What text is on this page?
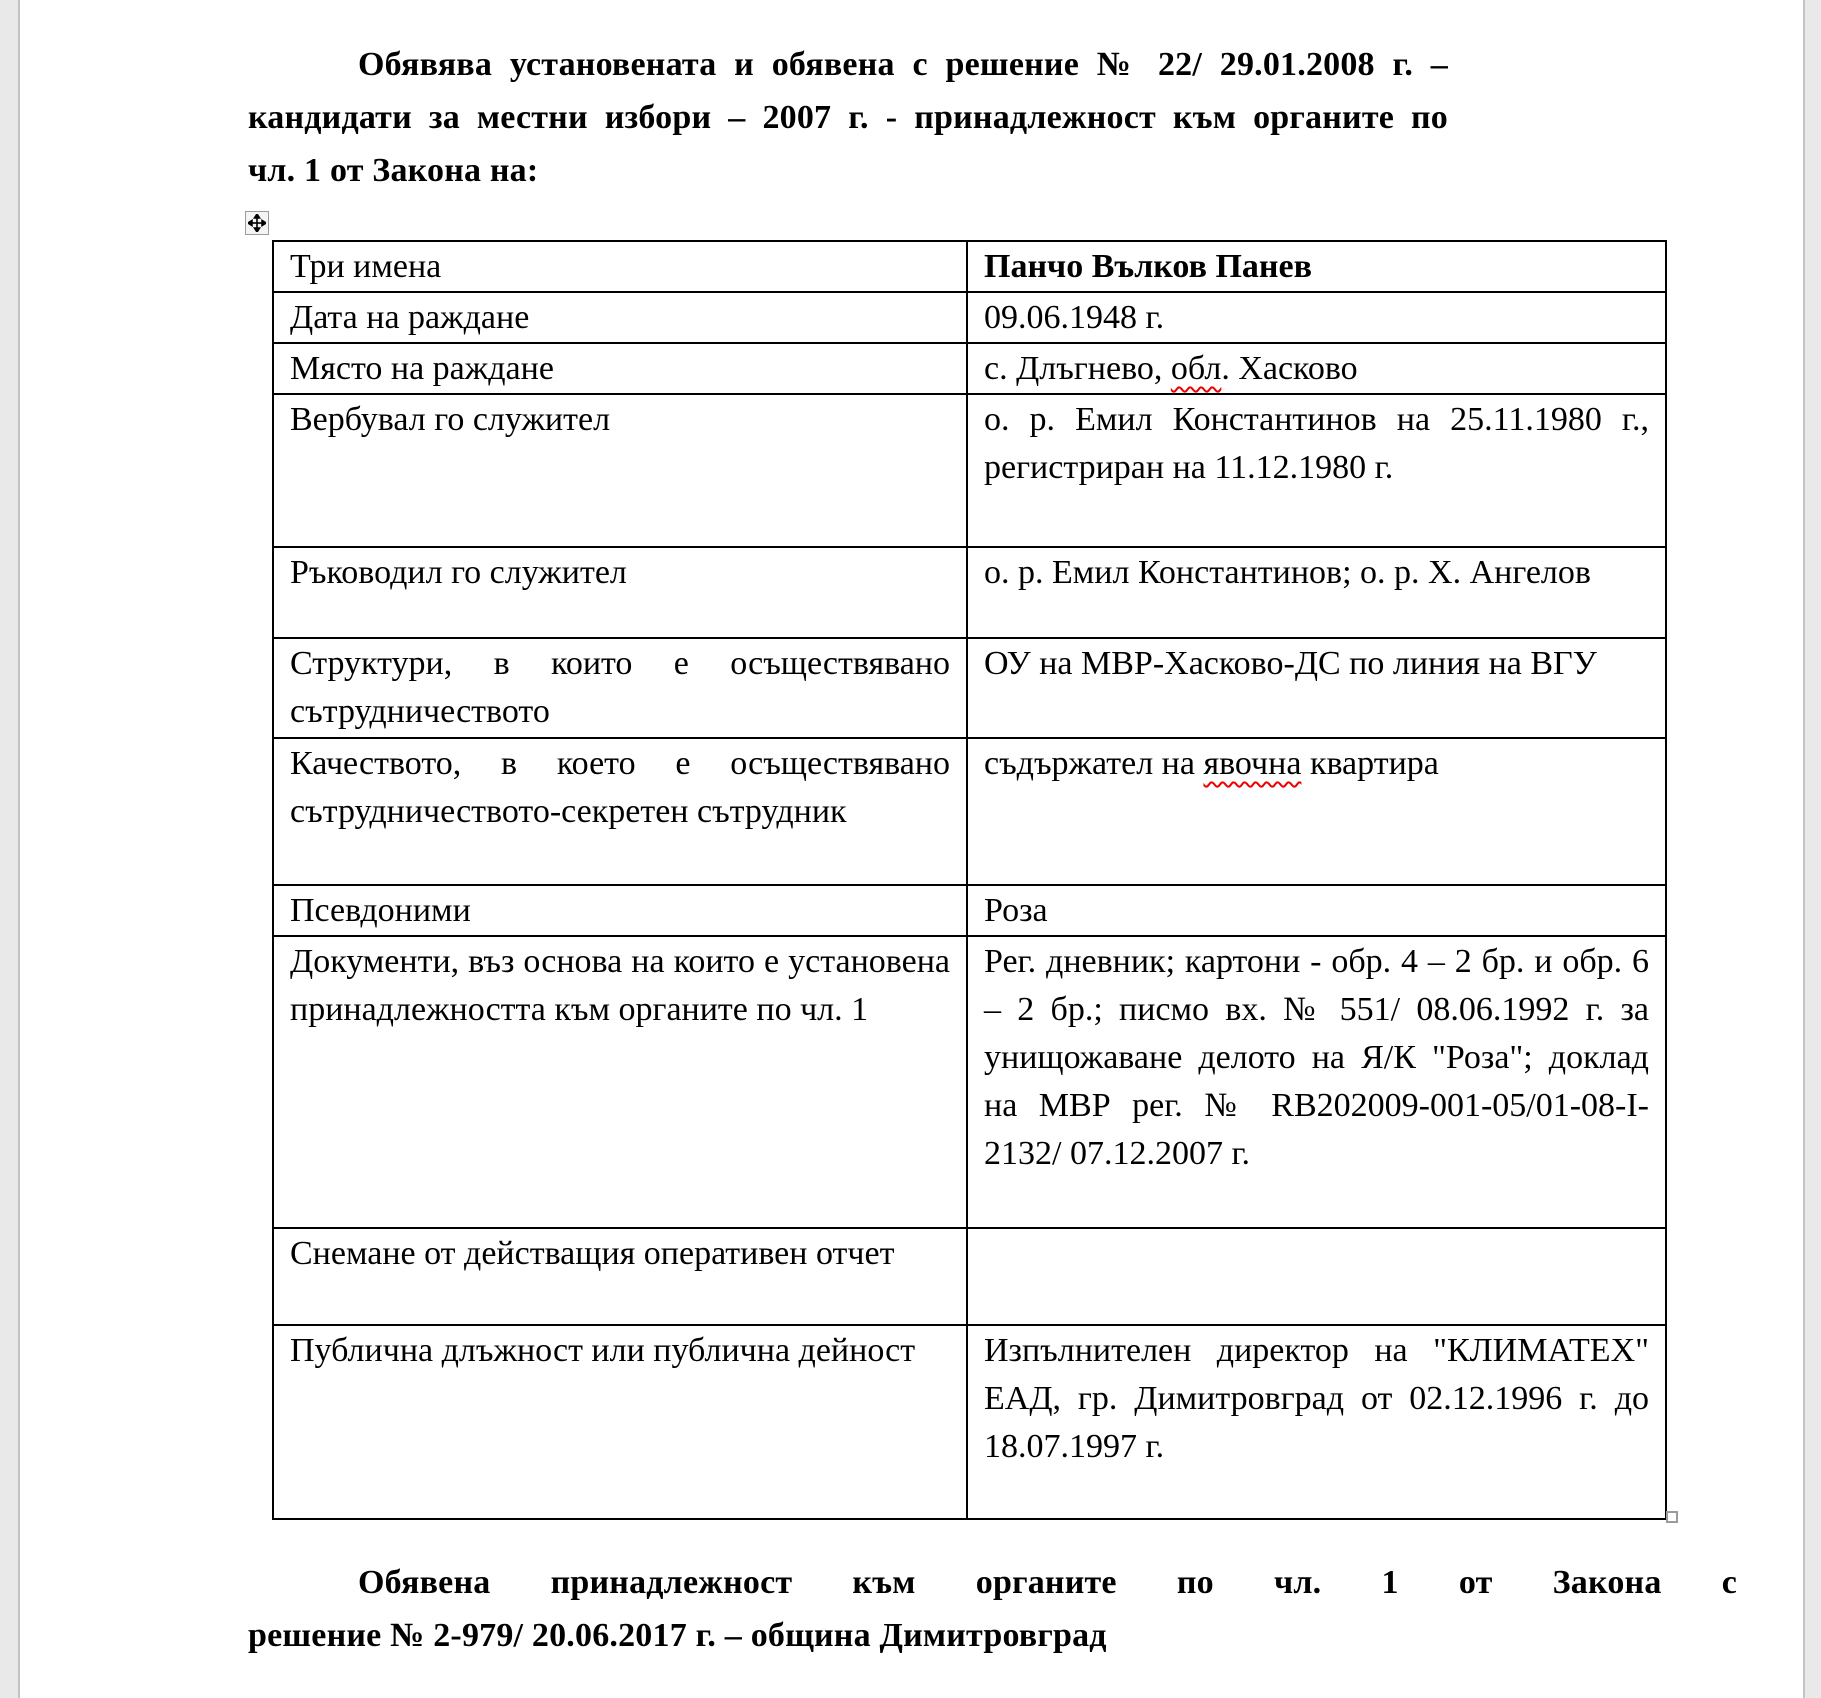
Обявява установената и обявена с решение № 22/ 29.01.2008 г. –
кандидати за местни избори – 2007 г. - принадлежност към органите по
чл. 1 от Закона на:

Три имена	Панчо Вълков Панев
Дата на раждане	09.06.1948 г.
Място на раждане	с. Длъгнево, обл. Хасково
Вербувал го служител	о. р. Емил Константинов на 25.11.1980 г., регистриран на 11.12.1980 г.
Ръководил го служител	о. р. Емил Константинов; о. р. Х. Ангелов
Структури, в които е осъществявано сътрудничеството	ОУ на МВР-Хасково-ДС по линия на ВГУ
Качеството, в което е осъществявано сътрудничеството-секретен сътрудник	съдържател на явочна квартира
Псевдоними	Роза
Документи, въз основа на които е установена принадлежността към органите по чл. 1	Рег. дневник; картони - обр. 4 – 2 бр. и обр. 6 – 2 бр.; писмо вх. № 551/ 08.06.1992 г. за унищожаване делото на Я/К "Роза"; доклад на МВР рег. № RB202009-001-05/01-08-I-2132/ 07.12.2007 г.
Снемане от действащия оперативен отчет	
Публична длъжност или публична дейност	Изпълнителен директор на "КЛИМАТЕХ" ЕАД, гр. Димитровград от 02.12.1996 г. до 18.07.1997 г.

Обявена принадлежност към органите по чл. 1 от Закона с
решение № 2-979/ 20.06.2017 г. – община Димитровград
